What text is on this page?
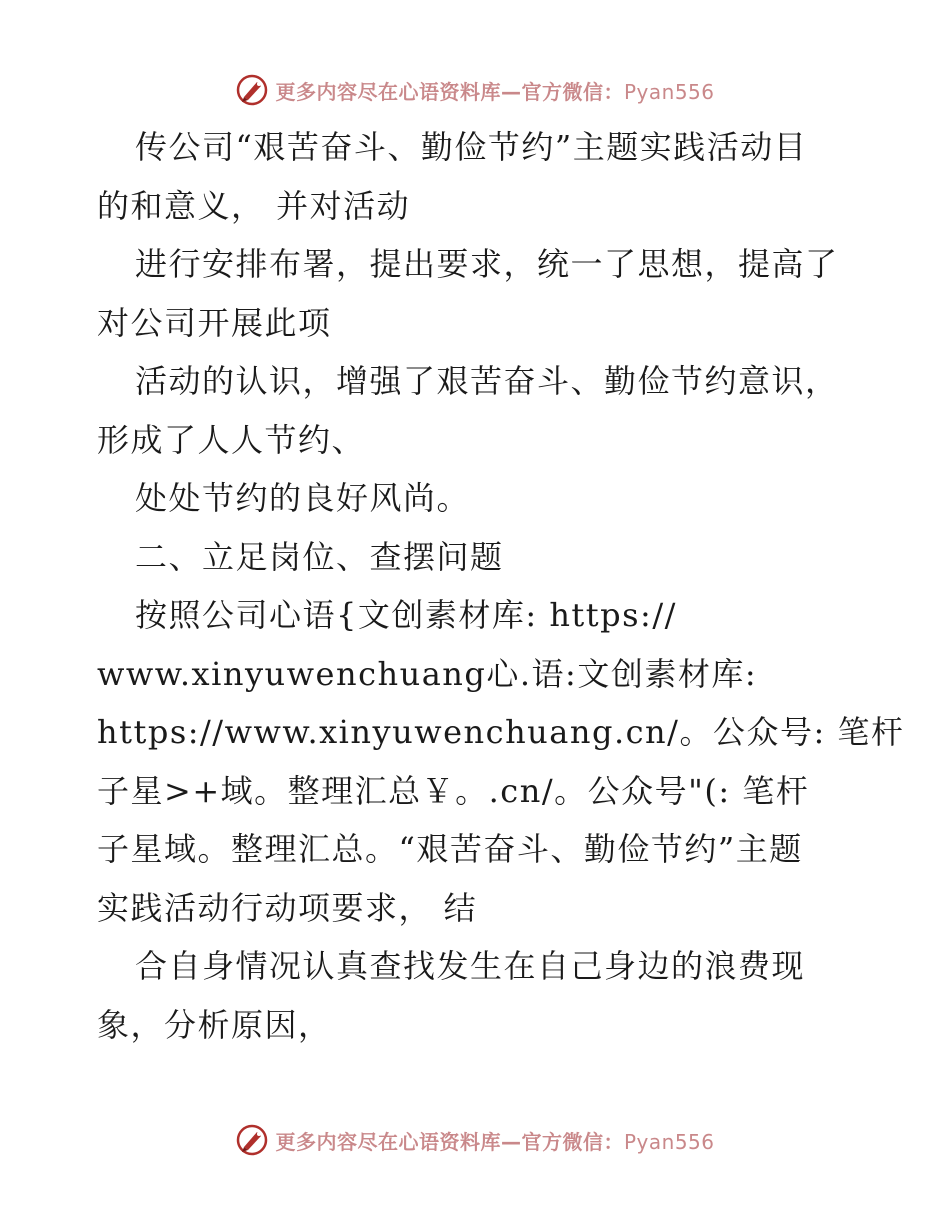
更多内容尽在心语资料库—官方微信：Pyan556
传公司“艰苦奋斗、勤俭节约”主题实践活动目
的和意义， 并对活动
进行安排布署，提出要求，统一了思想，提高了
对公司开展此项
活动的认识，增强了艰苦奋斗、勤俭节约意识，
形成了人人节约、
处处节约的良好风尚。
二、立足岗位、查摆问题
按照公司心语{文创素材库: https://
www.xinyuwenchuang心.语:文创素材库:
https://www.xinyuwenchuang.cn/。公众号: 笔杆
子星>+域。整理汇总￥。.cn/。公众号"(: 笔杆
子星域。整理汇总。“艰苦奋斗、勤俭节约”主题
实践活动行动项要求， 结
合自身情况认真查找发生在自己身边的浪费现
象，分析原因，
更多内容尽在心语资料库—官方微信：Pyan556
